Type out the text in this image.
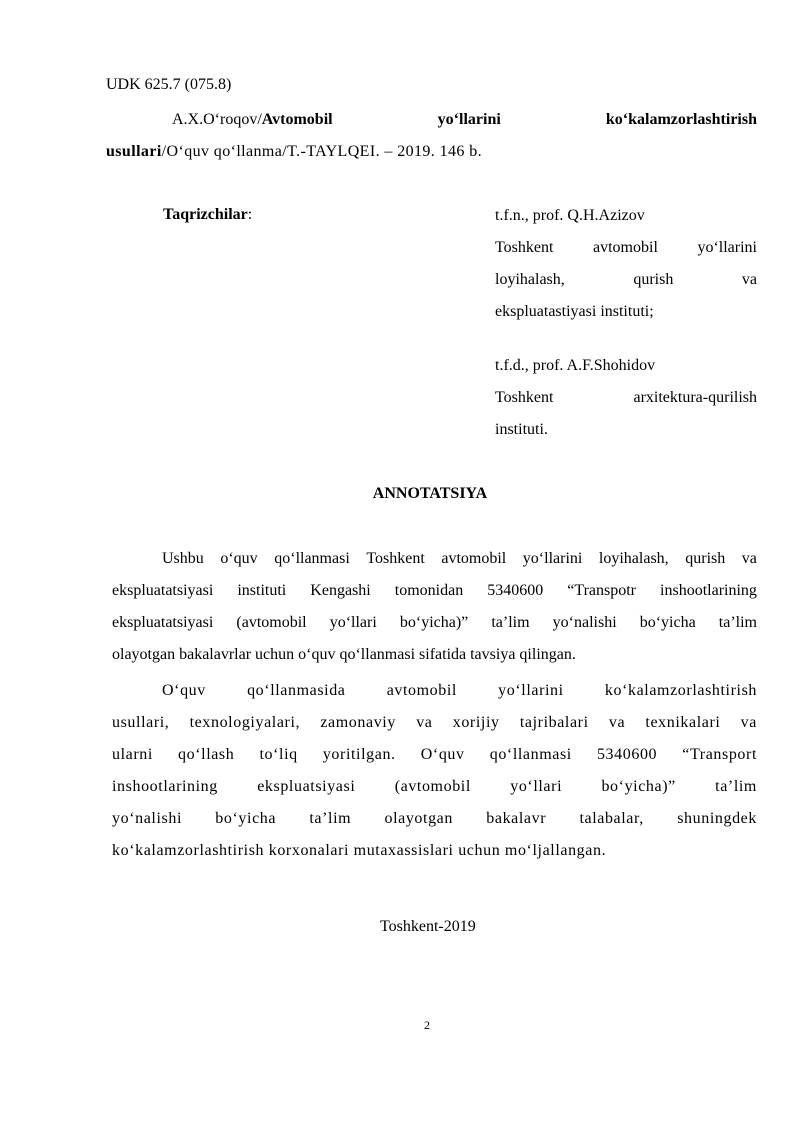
UDK 625.7 (075.8)
A.X.O‘roqov/Avtomobil	yo‘llarini	ko‘kalamzorlashtirish
usullari/O‘quv qo‘llanma/T.-TAYLQEI. – 2019. 146 b.
Taqrizchilar:	t.f.n., prof. Q.H.Azizov
Toshkent avtomobil yo‘llarini
loyihalash,	qurish	va
ekspluatastiyasi instituti;
t.f.d., prof. A.F.Shohidov
Toshkent	arxitektura-qurilish
instituti.
ANNOTATSIYA
Ushbu o‘quv qo‘llanmasi Toshkent avtomobil yo‘llarini loyihalash, qurish va
ekspluatatsiyasi instituti Kengashi tomonidan 5340600 “Transpotr inshootlarining
ekspluatatsiyasi (avtomobil yo‘llari bo‘yicha)” ta’lim yo‘nalishi bo‘yicha ta’lim
olayotgan bakalavrlar uchun o‘quv qo‘llanmasi sifatida tavsiya qilingan.
O‘quv	qo‘llanmasida	avtomobil	yo‘llarini	ko‘kalamzorlashtirish
usullari, texnologiyalari, zamonaviy va xorijiy tajribalari va texnikalari va
ularni qo‘llash to‘liq yoritilgan. O‘quv qo‘llanmasi 5340600 “Transport
inshootlarining ekspluatsiyasi (avtomobil yo‘llari bo‘yicha)” ta’lim
yo‘nalishi bo‘yicha ta’lim olayotgan bakalavr talabalar, shuningdek
ko‘kalamzorlashtirish korxonalari mutaxassislari uchun mo‘ljallangan.
Toshkent-2019
2
